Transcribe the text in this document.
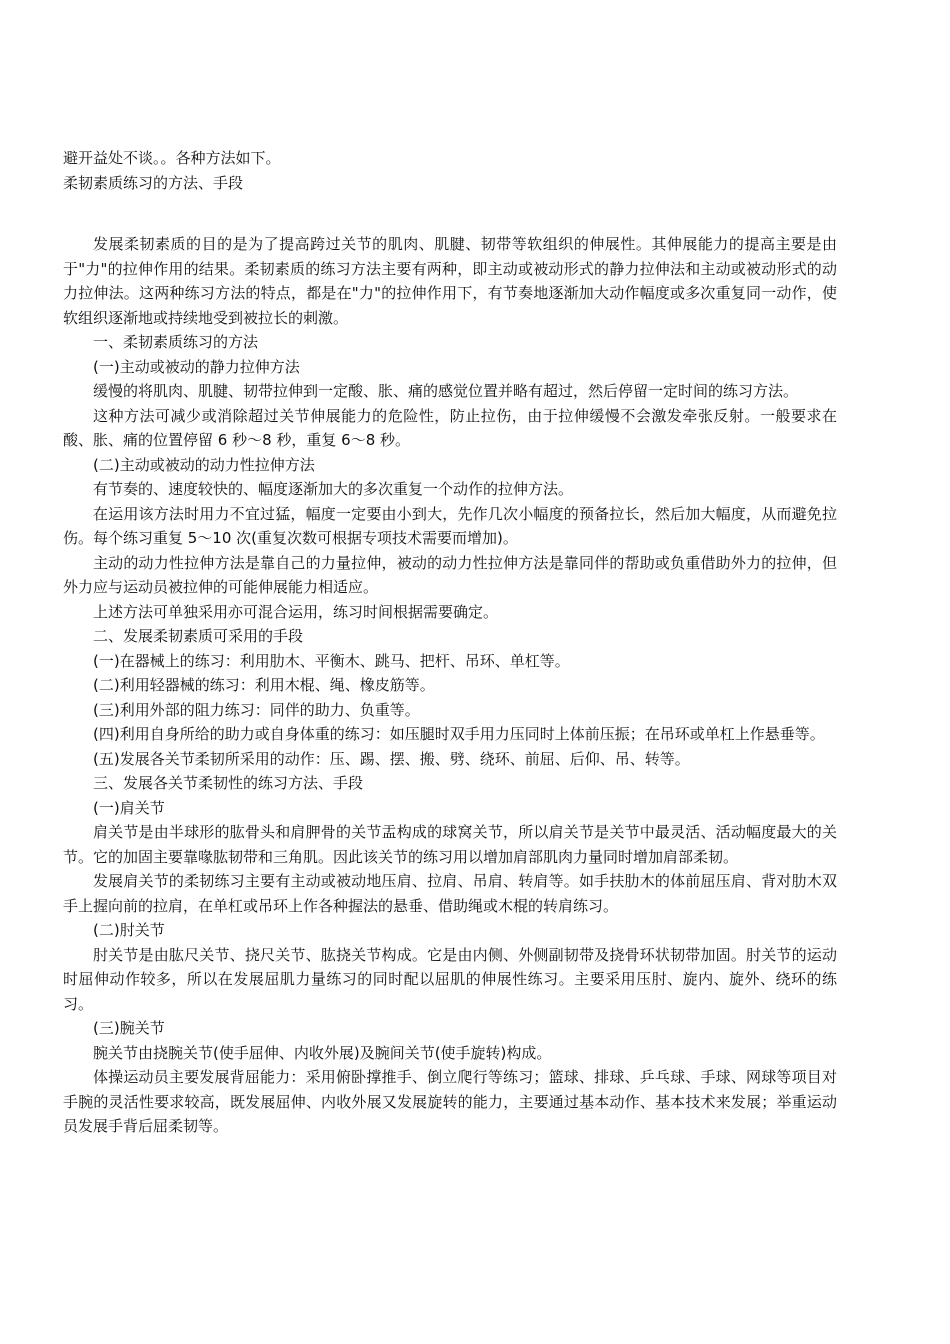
避开益处不谈。。各种方法如下。

柔韧素质练习的方法、手段

发展柔韧素质的目的是为了提高跨过关节的肌肉、肌腱、韧带等软组织的伸展性。其伸展能力的提高主要是由于"力"的拉伸作用的结果。柔韧素质的练习方法主要有两种，即主动或被动形式的静力拉伸法和主动或被动形式的动力拉伸法。这两种练习方法的特点，都是在"力"的拉伸作用下，有节奏地逐渐加大动作幅度或多次重复同一动作，使软组织逐渐地或持续地受到被拉长的刺激。

一、柔韧素质练习的方法

(一)主动或被动的静力拉伸方法

缓慢的将肌肉、肌腱、韧带拉伸到一定酸、胀、痛的感觉位置并略有超过，然后停留一定时间的练习方法。

这种方法可减少或消除超过关节伸展能力的危险性，防止拉伤，由于拉伸缓慢不会激发牵张反射。一般要求在酸、胀、痛的位置停留 6 秒～8 秒，重复 6～8 秒。

(二)主动或被动的动力性拉伸方法

有节奏的、速度较快的、幅度逐渐加大的多次重复一个动作的拉伸方法。

在运用该方法时用力不宜过猛，幅度一定要由小到大，先作几次小幅度的预备拉长，然后加大幅度，从而避免拉伤。每个练习重复 5～10 次(重复次数可根据专项技术需要而增加)。

主动的动力性拉伸方法是靠自己的力量拉伸，被动的动力性拉伸方法是靠同伴的帮助或负重借助外力的拉伸，但外力应与运动员被拉伸的可能伸展能力相适应。

上述方法可单独采用亦可混合运用，练习时间根据需要确定。

二、发展柔韧素质可采用的手段

(一)在器械上的练习：利用肋木、平衡木、跳马、把杆、吊环、单杠等。

(二)利用轻器械的练习：利用木棍、绳、橡皮筋等。

(三)利用外部的阻力练习：同伴的助力、负重等。

(四)利用自身所给的助力或自身体重的练习：如压腿时双手用力压同时上体前压振；在吊环或单杠上作悬垂等。

(五)发展各关节柔韧所采用的动作：压、踢、摆、搬、劈、绕环、前屈、后仰、吊、转等。

三、发展各关节柔韧性的练习方法、手段

(一)肩关节

肩关节是由半球形的肱骨头和肩胛骨的关节盂构成的球窝关节，所以肩关节是关节中最灵活、活动幅度最大的关节。它的加固主要靠喙肱韧带和三角肌。因此该关节的练习用以增加肩部肌肉力量同时增加肩部柔韧。

发展肩关节的柔韧练习主要有主动或被动地压肩、拉肩、吊肩、转肩等。如手扶肋木的体前屈压肩、背对肋木双手上握向前的拉肩，在单杠或吊环上作各种握法的悬垂、借助绳或木棍的转肩练习。

(二)肘关节

肘关节是由肱尺关节、挠尺关节、肱挠关节构成。它是由内侧、外侧副韧带及挠骨环状韧带加固。肘关节的运动时屈伸动作较多，所以在发展屈肌力量练习的同时配以屈肌的伸展性练习。主要采用压肘、旋内、旋外、绕环的练习。

(三)腕关节

腕关节由挠腕关节(使手屈伸、内收外展)及腕间关节(使手旋转)构成。

体操运动员主要发展背屈能力：采用俯卧撑推手、倒立爬行等练习；篮球、排球、乒乓球、手球、网球等项目对手腕的灵活性要求较高，既发展屈伸、内收外展又发展旋转的能力，主要通过基本动作、基本技术来发展；举重运动员发展手背后屈柔韧等。
